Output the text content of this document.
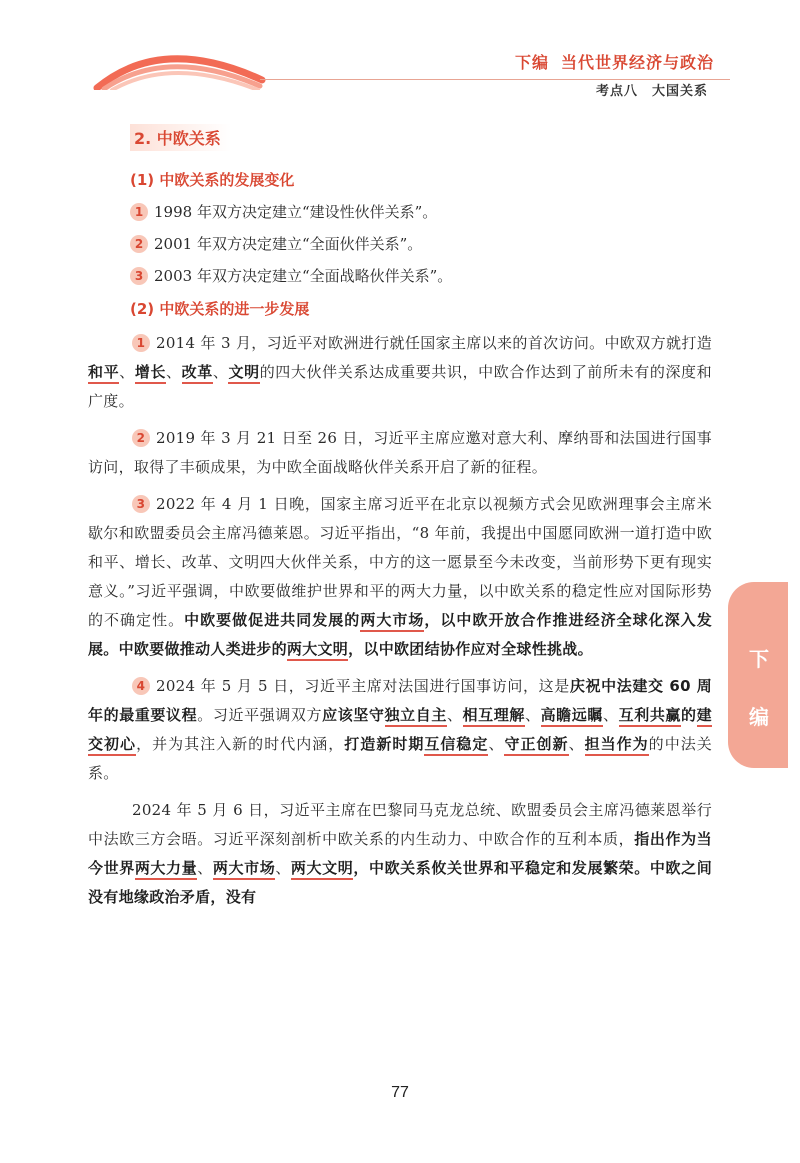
下编 当代世界经济与政治
考点八 大国关系
下
编
2. 中欧关系
(1) 中欧关系的发展变化
1 1998 年双方决定建立“建设性伙伴关系”。
2 2001 年双方决定建立“全面伙伴关系”。
3 2003 年双方决定建立“全面战略伙伴关系”。
(2) 中欧关系的进一步发展

1 2014 年 3 月，习近平对欧洲进行就任国家主席以来的首次访问。中欧双方就打造和平、增长、改革、文明的四大伙伴关系达成重要共识，中欧合作达到了前所未有的深度和广度。

2 2019 年 3 月 21 日至 26 日，习近平主席应邀对意大利、摩纳哥和法国进行国事访问，取得了丰硕成果，为中欧全面战略伙伴关系开启了新的征程。

3 2022 年 4 月 1 日晚，国家主席习近平在北京以视频方式会见欧洲理事会主席米歇尔和欧盟委员会主席冯德莱恩。习近平指出，“8 年前，我提出中国愿同欧洲一道打造中欧和平、增长、改革、文明四大伙伴关系，中方的这一愿景至今未改变，当前形势下更有现实意义。”习近平强调，中欧要做维护世界和平的两大力量，以中欧关系的稳定性应对国际形势的不确定性。中欧要做促进共同发展的两大市场，以中欧开放合作推进经济全球化深入发展。中欧要做推动人类进步的两大文明，以中欧团结协作应对全球性挑战。

4 2024 年 5 月 5 日，习近平主席对法国进行国事访问，这是庆祝中法建交 60 周年的最重要议程。习近平强调双方应该坚守独立自主、相互理解、高瞻远瞩、互利共赢的建交初心，并为其注入新的时代内涵，打造新时期互信稳定、守正创新、担当作为的中法关系。

2024 年 5 月 6 日，习近平主席在巴黎同马克龙总统、欧盟委员会主席冯德莱恩举行中法欧三方会晤。习近平深刻剖析中欧关系的内生动力、中欧合作的互利本质，指出作为当今世界两大力量、两大市场、两大文明，中欧关系攸关世界和平稳定和发展繁荣。中欧之间没有地缘政治矛盾，没有

77
